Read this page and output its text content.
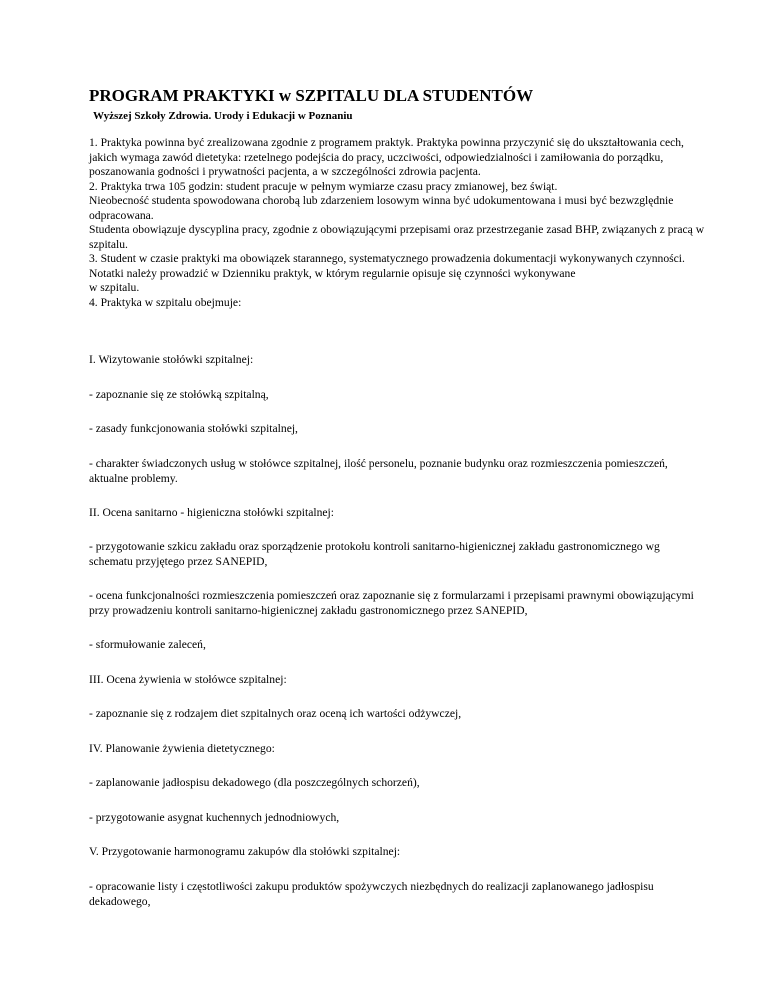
PROGRAM PRAKTYKI w SZPITALU DLA STUDENTÓW

Wyższej Szkoły Zdrowia. Urody i Edukacji w Poznaniu

1. Praktyka powinna być zrealizowana zgodnie z programem praktyk. Praktyka powinna przyczynić się do ukształtowania cech, jakich wymaga zawód dietetyka: rzetelnego podejścia do pracy, uczciwości, odpowiedzialności i zamiłowania do porządku, poszanowania godności i prywatności pacjenta, a w szczególności zdrowia pacjenta.

2. Praktyka trwa 105 godzin: student pracuje w pełnym wymiarze czasu pracy zmianowej, bez świąt.

Nieobecność studenta spowodowana chorobą lub zdarzeniem losowym winna być udokumentowana i musi być bezwzględnie odpracowana.

Studenta obowiązuje dyscyplina pracy, zgodnie z obowiązującymi przepisami oraz przestrzeganie zasad BHP, związanych z pracą w szpitalu.

3. Student w czasie praktyki ma obowiązek starannego, systematycznego prowadzenia dokumentacji wykonywanych czynności.

Notatki należy prowadzić w Dzienniku praktyk, w którym regularnie opisuje się czynności wykonywane

w szpitalu.

4. Praktyka w szpitalu obejmuje:

I. Wizytowanie stołówki szpitalnej:

- zapoznanie się ze stołówką szpitalną,

- zasady funkcjonowania stołówki szpitalnej,

- charakter świadczonych usług w stołówce szpitalnej, ilość personelu, poznanie budynku oraz rozmieszczenia pomieszczeń, aktualne problemy.

II. Ocena sanitarno - higieniczna stołówki szpitalnej:

- przygotowanie szkicu zakładu oraz sporządzenie protokołu kontroli sanitarno-higienicznej zakładu gastronomicznego wg schematu przyjętego przez SANEPID,

- ocena funkcjonalności rozmieszczenia pomieszczeń oraz zapoznanie się z formularzami i przepisami prawnymi obowiązującymi przy prowadzeniu kontroli sanitarno-higienicznej zakładu gastronomicznego przez SANEPID,

- sformułowanie zaleceń,

III. Ocena żywienia w stołówce szpitalnej:

- zapoznanie się z rodzajem diet szpitalnych oraz oceną ich wartości odżywczej,

IV. Planowanie żywienia dietetycznego:

- zaplanowanie jadłospisu dekadowego (dla poszczególnych schorzeń),

- przygotowanie asygnat kuchennych jednodniowych,

V. Przygotowanie harmonogramu zakupów dla stołówki szpitalnej:

- opracowanie listy i częstotliwości zakupu produktów spożywczych niezbędnych do realizacji zaplanowanego jadłospisu dekadowego,
